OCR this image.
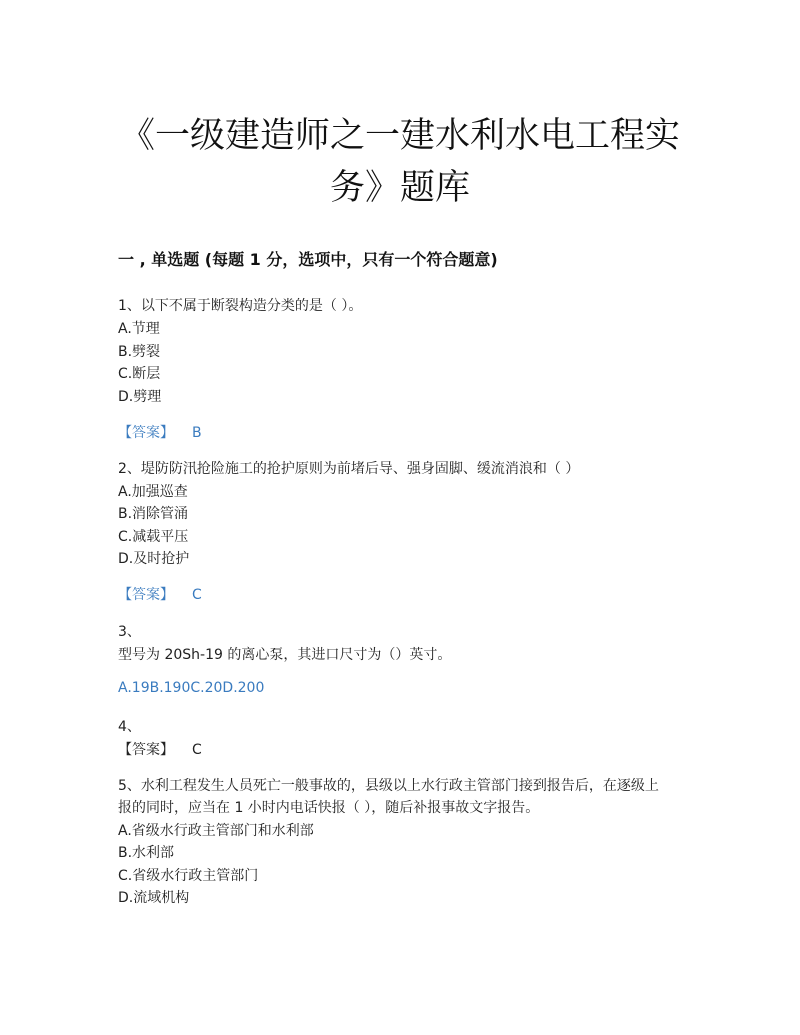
《一级建造师之一建水利水电工程实
务》题库
一 , 单选题 (每题 1 分，选项中，只有一个符合题意)
1、以下不属于断裂构造分类的是（ ）。
A.节理
B.劈裂
C.断层
D.劈理
【答案】 B
2、堤防防汛抢险施工的抢护原则为前堵后导、强身固脚、缓流消浪和（ ）
A.加强巡查
B.消除管涌
C.减载平压
D.及时抢护
【答案】 C
3、
型号为 20Sh-19 的离心泵，其进口尺寸为（）英寸。
A.19B.190C.20D.200
4、
【答案】 C
5、水利工程发生人员死亡一般事故的，县级以上水行政主管部门接到报告后，在逐级上
报的同时，应当在 1 小时内电话快报（ ），随后补报事故文字报告。
A.省级水行政主管部门和水利部
B.水利部
C.省级水行政主管部门
D.流域机构
